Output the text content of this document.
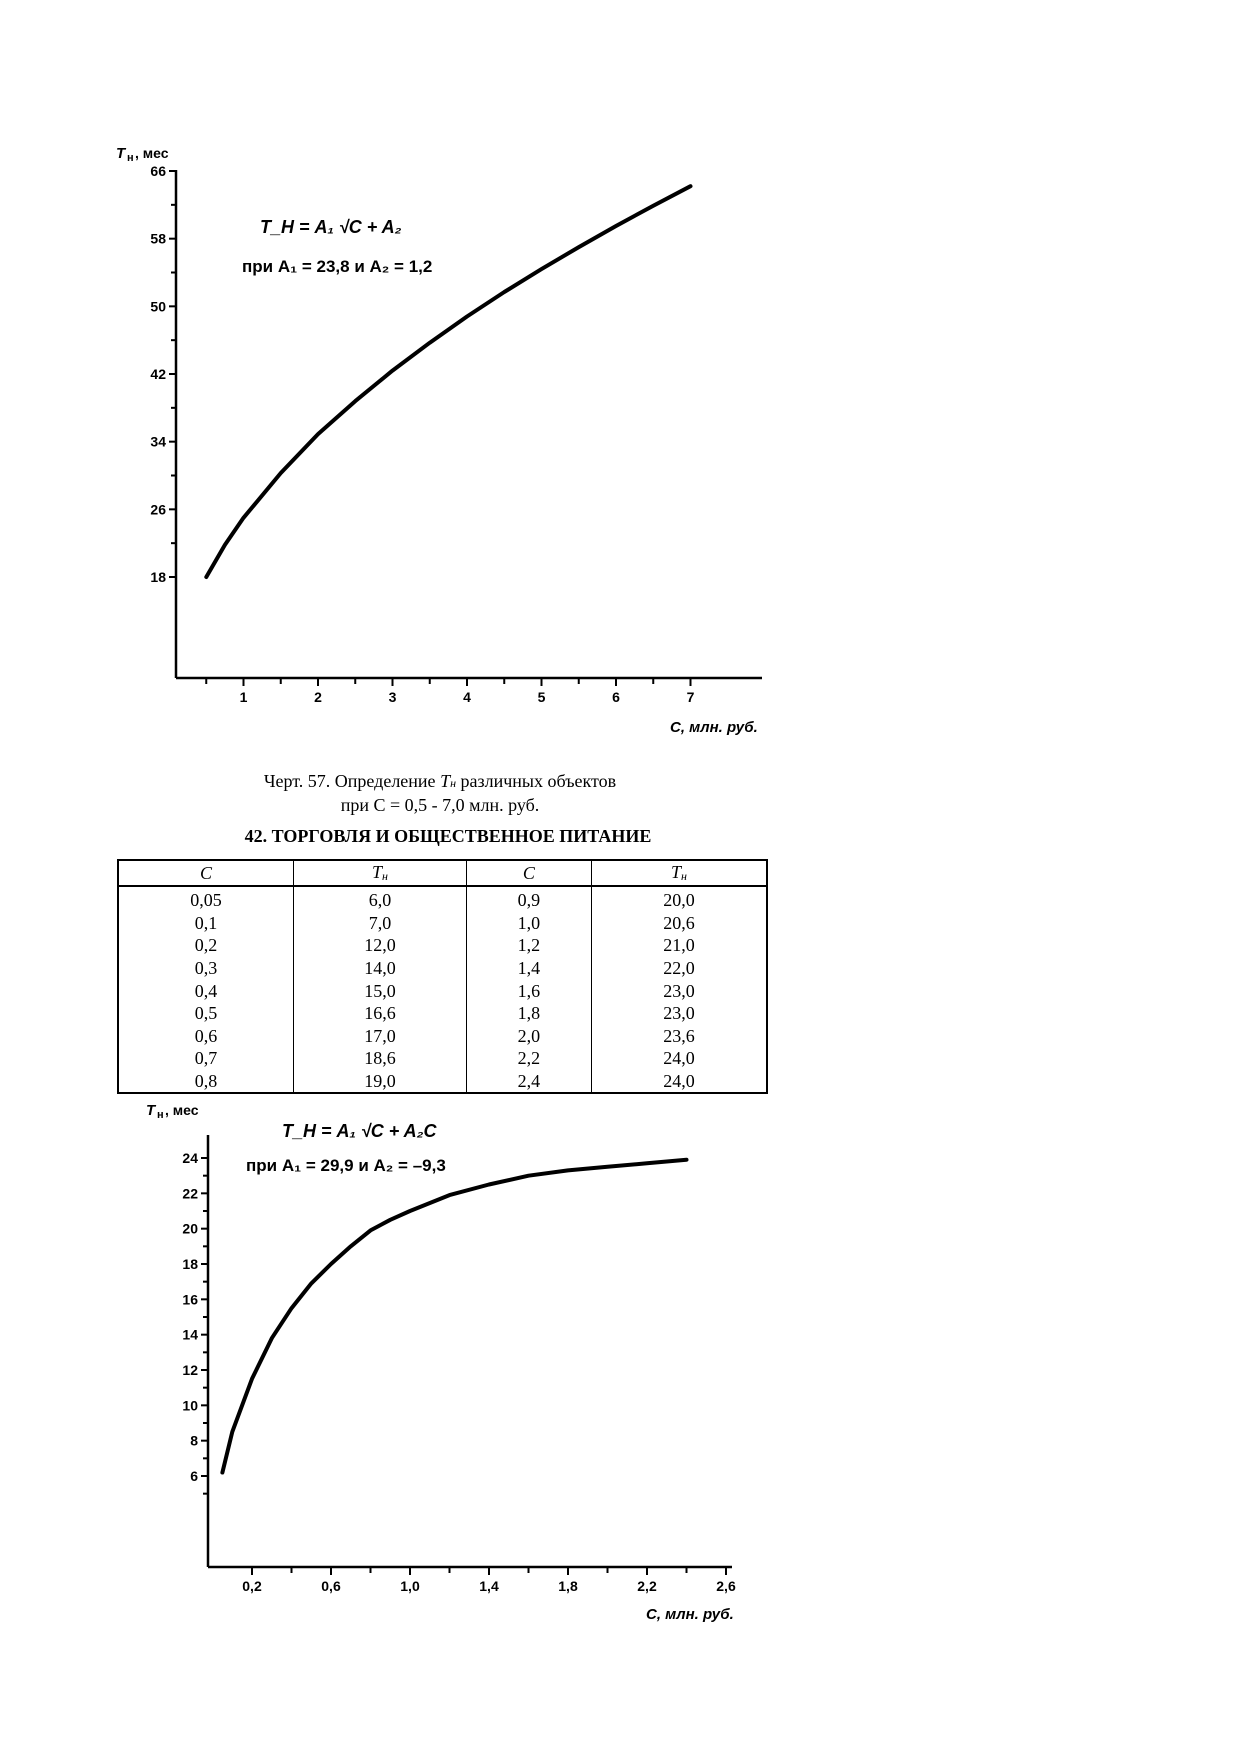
18
26
34
42
50
58
66
1	2	3	4	5	6	7
T н , мес
C, млн. руб.
T_Н = A₁ √C + A₂
при A₁ = 23,8 и A₂ = 1,2
Черт. 57. Определение Tн различных объектов
при С = 0,5 - 7,0 млн. руб.
42. ТОРГОВЛЯ И ОБЩЕСТВЕННОЕ ПИТАНИЕ
C	Tн	C	Tн
0,05	6,0	0,9	20,0
0,1	7,0	1,0	20,6
0,2	12,0	1,2	21,0
0,3	14,0	1,4	22,0
0,4	15,0	1,6	23,0
0,5	16,6	1,8	23,0
0,6	17,0	2,0	23,6
0,7	18,6	2,2	24,0
0,8	19,0	2,4	24,0
6
8
10
12
14
16
18
20
22
24
0,2	0,6	1,0	1,4	1,8	2,2	2,6
T н , мес
C, млн. руб.
T_Н = A₁ √C + A₂C
при A₁ = 29,9 и A₂ = –9,3
